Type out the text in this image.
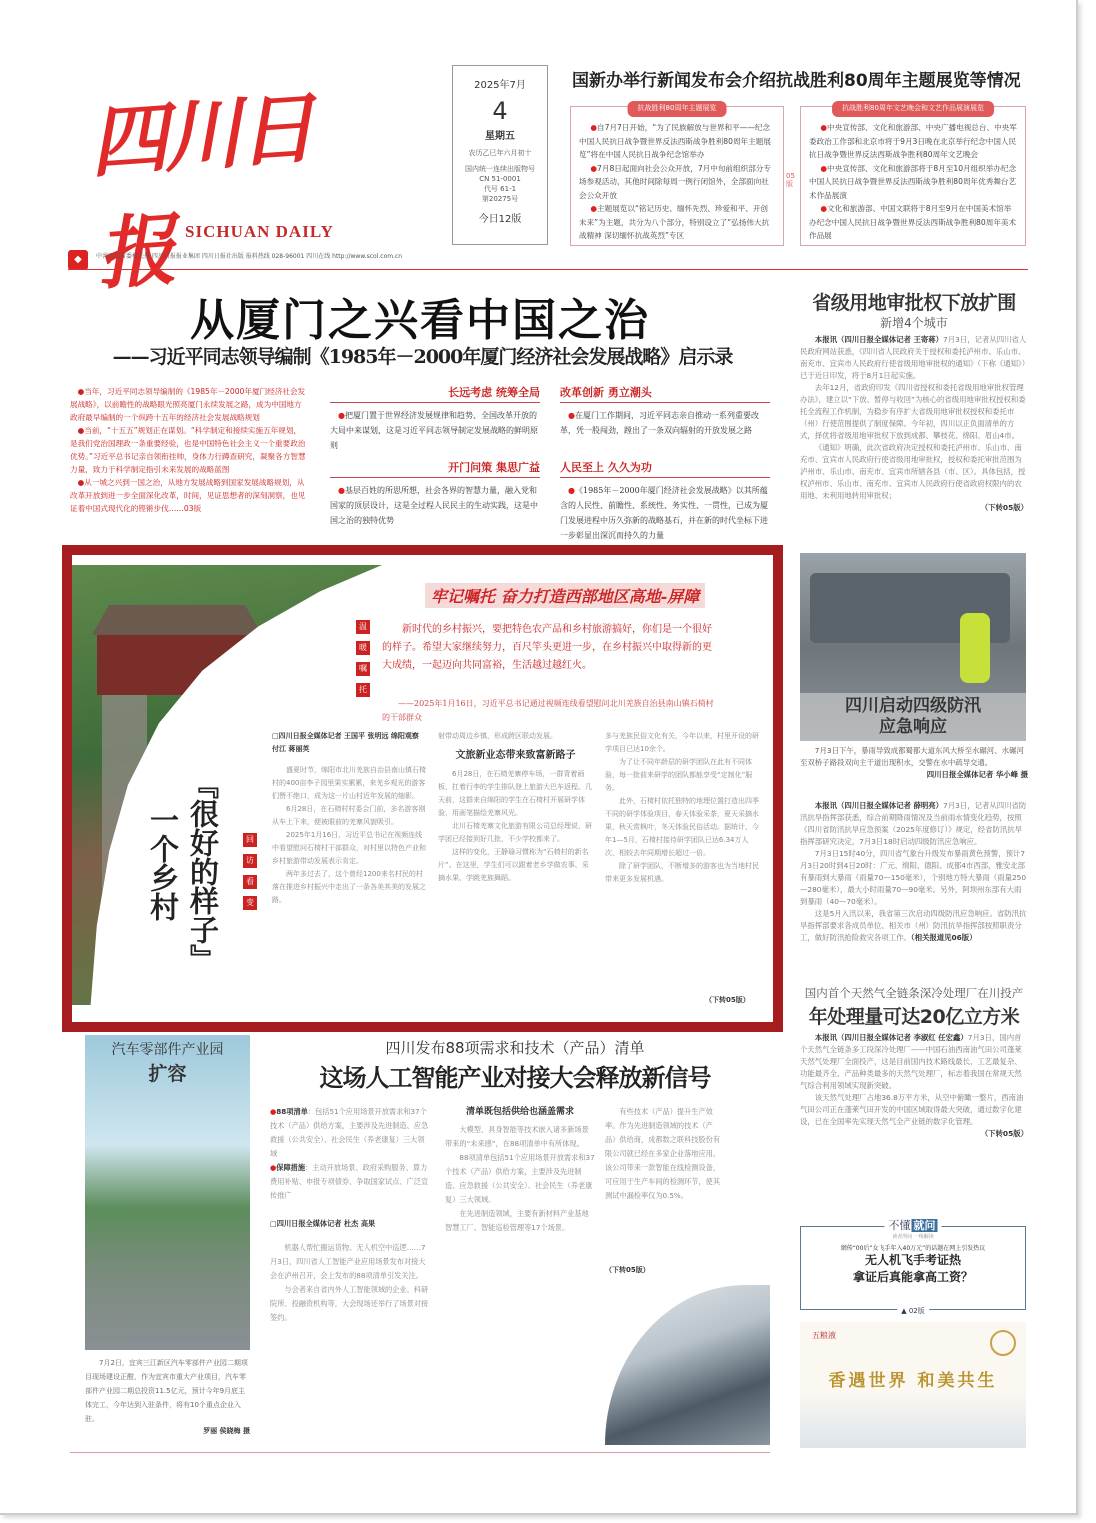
四川日报 SICHUAN DAILY
2025年7月
4
星期五
农历乙巳年六月初十
国内统一连续出版物号
CN 51-0001
代号 61-1
第20275号
今日12版
国新办举行新闻发布会介绍抗战胜利80周年主题展览等情况
抗战胜利80周年主题展览

●自7月7日开始，“为了民族解放与世界和平——纪念中国人民抗日战争暨世界反法西斯战争胜利80周年主题展览”将在中国人民抗日战争纪念馆举办

●7月8日起面向社会公众开放，7月中旬前组织部分专场参观活动，其他时间除每周一例行闭馆外，全部面向社会公众开放

●主题展览以“铭记历史、缅怀先烈、珍爱和平、开创未来”为主题，共分为八个部分，特别设立了“弘扬伟大抗战精神 深切缅怀抗战英烈”专区

05版
抗战胜利80周年文艺晚会和文艺作品展演展览

●中央宣传部、文化和旅游部、中央广播电视总台、中央军委政治工作部和北京市将于9月3日晚在北京举行纪念中国人民抗日战争暨世界反法西斯战争胜利80周年文艺晚会

●中央宣传部、文化和旅游部将于8月至10月组织举办纪念中国人民抗日战争暨世界反法西斯战争胜利80周年优秀舞台艺术作品展演

●文化和旅游部、中国文联将于8月至9月在中国美术馆举办纪念中国人民抗日战争暨世界反法西斯战争胜利80周年美术作品展

◆	中共四川省委机关报 四川日报报业集团 四川日报社出版 报料热线 028-96001 四川在线 http://www.scol.com.cn
从厦门之兴看中国之治
——习近平同志领导编制《1985年－2000年厦门经济社会发展战略》启示录

●当年，习近平同志领导编制的《1985年－2000年厦门经济社会发展战略》，以前瞻性的战略眼光照亮厦门永续发展之路，成为中国地方政府最早编制的一个纵跨十五年的经济社会发展战略规划

●当前，“十五五”规划正在谋划。“科学制定和接续实施五年规划，是我们党治国理政一条重要经验，也是中国特色社会主义一个重要政治优势。”习近平总书记亲自领衔挂帅，身体力行蹲查研究，凝聚各方智慧力量，致力于科学制定指引未来发展的战略蓝图

●从一城之兴到一国之治，从地方发展战略到国家发展战略规划，从改革开放到进一步全面深化改革，时间，见证思想者的深刻洞察，也见证着中国式现代化的铿锵步伐……03版

长远考虑 统筹全局

●把厦门置于世界经济发展规律和趋势、全国改革开放的大局中来谋划，这是习近平同志领导制定发展战略的鲜明原则

改革创新 勇立潮头

●在厦门工作期间，习近平同志亲自推动一系列重要改革，凭一股闯劲，蹚出了一条双向辐射的开放发展之路

开门问策 集思广益

●基层百姓的所思所想，社会各界的智慧力量，融入党和国家的顶层设计，这是全过程人民民主的生动实践，这是中国之治的独特优势

人民至上 久久为功

●《1985年－2000年厦门经济社会发展战略》以其所蕴含的人民性、前瞻性、系统性、务实性、一贯性，已成为厦门发展进程中历久弥新的战略基石，并在新的时代坐标下进一步彰显出深沉而持久的力量

省级用地审批权下放扩围
新增4个城市

本报讯（四川日报全媒体记者 王寄蒋）7月3日，记者从四川省人民政府网站获悉，《四川省人民政府关于授权和委托泸州市、乐山市、南充市、宜宾市人民政府行使省级用地审批权的通知》（下称《通知》）已于近日印发，将于8月1日起实施。

去年12月，省政府印发《四川省授权和委托省级用地审批权管理办法》，建立以“下放、暂停与收回”为核心的省级用地审批权授权和委托全流程工作机制，为稳步有序扩大省级用地审批权授权和委托市（州）行使范围提供了制度保障。今年初，四川以正负面清单的方式，择优将省级用地审批权下放到成都、攀枝花、绵阳、眉山4市。

《通知》明确，此次省政府决定授权和委托泸州市、乐山市、南充市、宜宾市人民政府行使省级用地审批权，授权和委托审批范围为泸州市、乐山市、南充市、宜宾市所辖各县（市、区）。具体包括，授权泸州市、乐山市、南充市、宜宾市人民政府行使省政府权限内的农用地、未利用地转用审批权；

（下转05版）
四川启动四级防汛
应急响应

7月3日下午，暴雨导致成都蜀都大道东风大桥至水碾河、水碾河至双桥子路段双向主干道出现积水，交警在水中疏导交通。

四川日报全媒体记者 华小峰 摄

本报讯（四川日报全媒体记者 薛明亮）7月3日，记者从四川省防汛抗旱指挥部获悉，综合前期降雨情况及当前雨水情变化趋势，按照《四川省防汛抗旱应急预案（2025年度修订）》规定，经省防汛抗旱指挥部研究决定，7月3日18时启动四级防汛应急响应。

7月3日15时40分，四川省气象台升级发布暴雨黄色预警，预计7月3日20时到4日20时：广元、绵阳、德阳、成都4市西部，雅安北部有暴雨到大暴雨（雨量70—150毫米），个别地方特大暴雨（雨量250—280毫米），最大小时雨量70—90毫米。另外，阿坝州东部有大雨到暴雨（40—70毫米）。

这是5月入汛以来，我省第三次启动四级防汛应急响应。省防汛抗旱指挥部要求各成员单位、相关市（州）防汛抗旱指挥部按照职责分工，做好防汛抢险救灾各项工作。（相关报道见06版）

国内首个天然气全链条深冷处理厂在川投产
年处理量可达20亿立方米

本报讯（四川日报全媒体记者 李淑红 任宏鑫）7月3日，国内首个天然气全链条多工段深冷处理厂——中国石油西南油气田公司蓬莱天然气处理厂全面投产，这是目前国内技术路线最长、工艺最复杂、功能最齐全、产品种类最多的天然气处理厂，标志着我国在常规天然气综合利用领域实现新突破。

该天然气处理厂占地36.8万平方米，从空中俯瞰一整片，西南油气田公司正在蓬莱气田开发的中国区域取得最大突破，通过数字化建设，已在全国率先实现天然气全产业链的数字化管理。

（下转05版）
不懂 就问
读者所问 一线解读
網传“00后”女飞手年入40万元”的话题在网上引发热议
无人机飞手考证热
拿证后真能拿高工资？
▲ 02版
五粮液
香遇世界 和美共生
牢记嘱托 奋力打造西部地区高地-屏障
温
暖
嘱
托
新时代的乡村振兴，要把特色农产品和乡村旅游搞好，你们是一个很好的样子。希望大家继续努力，百尺竿头更进一步，在乡村振兴中取得新的更大成绩，一起迈向共同富裕，生活越过越红火。
——2025年1月16日，习近平总书记通过视频连线看望慰问北川羌族自治县南山镇石椅村的干部群众
『很好的样子』
一个乡村	回
访
看
变

□四川日报全媒体记者 王国平 张明远 绵阳观察 付江 蒋丽英

盛夏时节，绵阳市北川羌族自治县南山镇石椅村的400亩李子园里果实累累，来羌乡观光的游客们赞不绝口，成为这一片山村近年发展的缩影。

6月28日，在石椅村村委会门前，多名游客刚从车上下来，便被眼前的羌寨风貌吸引。

2025年1月16日，习近平总书记在视频连线中看望慰问石椅村干部群众，对村里以特色产业和乡村旅游带动发展表示肯定。

两年多过去了，这个曾经1200来名村民的村落在推进乡村振兴中走出了一条各美其美的发展之路。

射带动周边乡镇，形成跨区联动发展。

文旅新业态带来致富新路子

6月28日，在石椅羌寨停车场，一群背着画板、扛着行李的学生排队登上旅游大巴车返程。几天前，这群来自绵阳的学生在石椅村开展研学体验，用画笔描绘羌寨风光。

北川石椅羌寨文化旅游有限公司总经理说，研学团已经接到好几批，不少学校都来了。

这样的变化，王静瑜习惯称为“石椅村的新名片”。在这里，学生们可以跟着老乡学做农事、采摘水果、学跳羌族舞蹈。

多与羌族民俗文化有关，今年以来，村里开设的研学项目已达10余个。

为了让不同年龄层的研学团队在此有不同体验，每一批前来研学的团队都能享受“定制化”服务。

此外，石椅村依托独特的地理位置打造出四季不同的研学体验项目，春天体验采茶，夏天采摘水果，秋天赏枫叶，冬天体验民俗活动。据统计，今年1—5月，石椅村接待研学团队已达6.34万人次，相较去年同期增长超过一倍。

除了研学团队，不断增多的游客也为当地村民带来更多发展机遇。

（下转05版）
汽车零部件产业园
扩容

7月2日，宜宾三江新区汽车零部件产业园二期项目现场建设正酣，作为宜宾市重大产业项目，汽车零部件产业园二期总投资11.5亿元，预计今年9月底主体完工，今年达到入驻条件，将有10个重点企业入驻。

罗丽 侯晓梅 摄
四川发布88项需求和技术（产品）清单
这场人工智能产业对接大会释放新信号

●88项清单：包括51个应用场景开放需求和37个技术（产品）供给方案，主要涉及先进制造、应急救援（公共安全）、社会民生（养老康复）三大领域

●保障措施：主动开放场景、政府采购服务、算力费用补贴、申报专项债券、争取国家试点、广泛宣传推广

□四川日报全媒体记者 杜杰 高果

机器人帮忙搬运货物、无人机空中巡逻……7月3日，四川省人工智能产业应用场景发布对接大会在泸州召开，会上发布的88项清单引发关注。

与会者来自省内外人工智能领域的企业、科研院所、投融资机构等，大会现场还举行了场景对接签约。

清单既包括供给也涵盖需求

大模型、具身智能等技术嵌入诸多新场景带来的“未来感”，在88项清单中有所体现。

88项清单包括51个应用场景开放需求和37个技术（产品）供给方案，主要涉及先进制造、应急救援（公共安全）、社会民生（养老康复）三大领域。

在先进制造领域，主要有新材料产业基地智慧工厂、智能巡检管理等17个场景。

有些技术（产品）提升生产效率。作为先进制造领域的技术（产品）供给商，成都数之联科技股份有限公司就已经在多家企业落地应用。该公司带来一款智能在线检测设备，可应用于生产车间的检测环节，使其测试中漏检率仅为0.5%。

（下转05版）
